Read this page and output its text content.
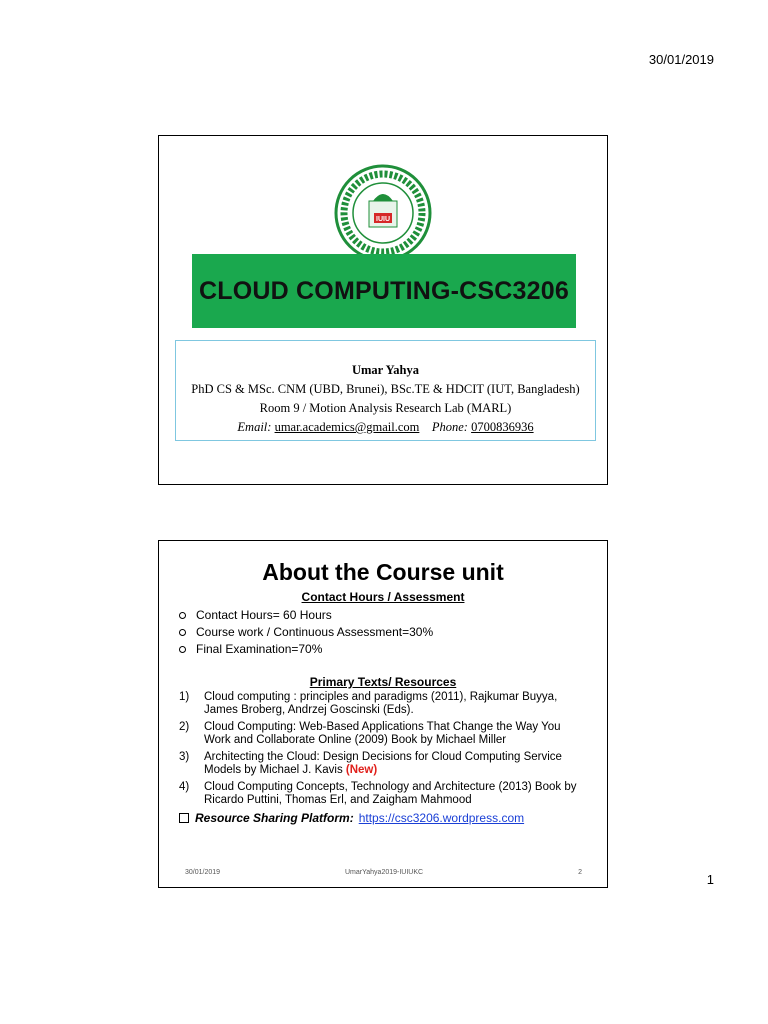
30/01/2019
IUIU
CLOUD COMPUTING-CSC3206
Umar Yahya
PhD CS & MSc. CNM (UBD, Brunei), BSc.TE & HDCIT (IUT, Bangladesh)
Room 9 / Motion Analysis Research Lab (MARL)
Email: umar.academics@gmail.com Phone: 0700836936
About the Course unit
Contact Hours / Assessment
Contact Hours= 60 Hours
Course work / Continuous Assessment=30%
Final Examination=70%
Primary Texts/ Resources
1)	Cloud computing : principles and paradigms (2011), Rajkumar Buyya, James Broberg, Andrzej Goscinski (Eds).
2)	Cloud Computing: Web-Based Applications That Change the Way You Work and Collaborate Online (2009) Book by Michael Miller
3)	Architecting the Cloud: Design Decisions for Cloud Computing Service Models by Michael J. Kavis (New)
4)	Cloud Computing Concepts, Technology and Architecture (2013) Book by Ricardo Puttini, Thomas Erl, and Zaigham Mahmood
Resource Sharing Platform: https://csc3206.wordpress.com
30/01/2019	UmarYahya2019-IUIUKC	2	1
